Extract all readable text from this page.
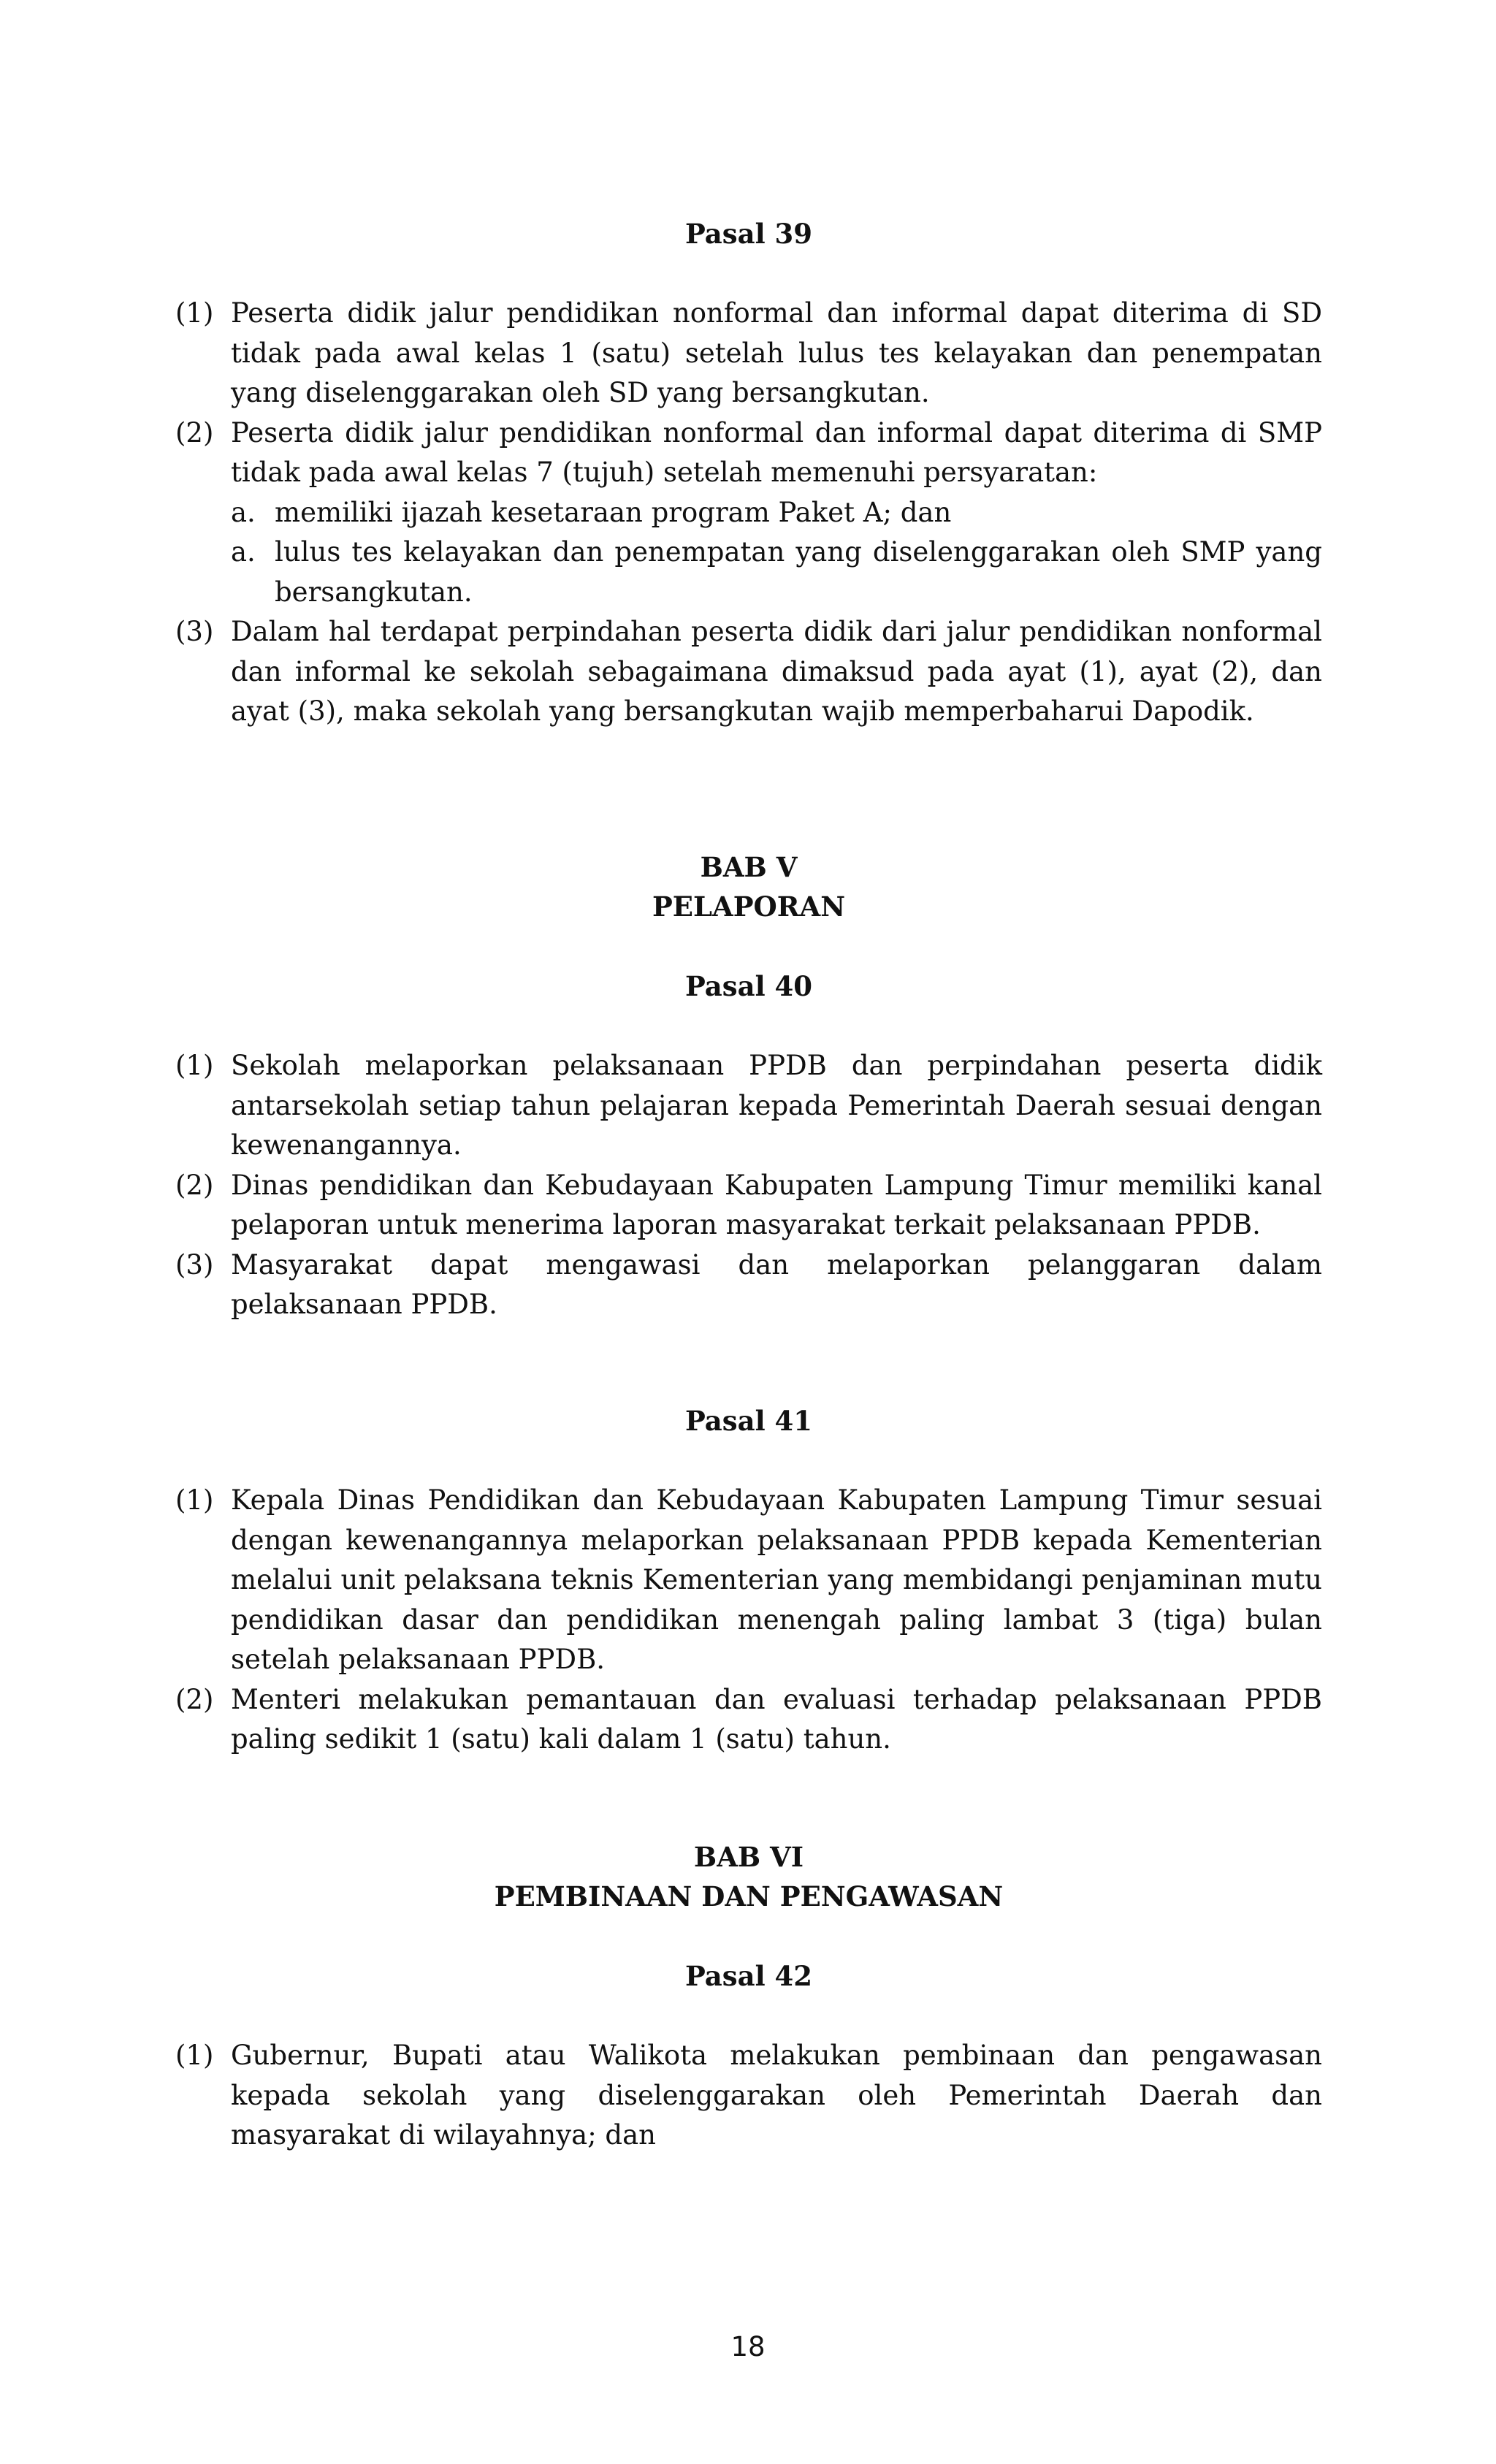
Pasal 39
(1) Peserta didik jalur pendidikan nonformal dan informal dapat diterima di SD tidak pada awal kelas 1 (satu) setelah lulus tes kelayakan dan penempatan yang diselenggarakan oleh SD yang bersangkutan.
(2) Peserta didik jalur pendidikan nonformal dan informal dapat diterima di SMP tidak pada awal kelas 7 (tujuh) setelah memenuhi persyaratan:
a. memiliki ijazah kesetaraan program Paket A; dan
a. lulus tes kelayakan dan penempatan yang diselenggarakan oleh SMP yang bersangkutan.
(3) Dalam hal terdapat perpindahan peserta didik dari jalur pendidikan nonformal dan informal ke sekolah sebagaimana dimaksud pada ayat (1), ayat (2), dan ayat (3), maka sekolah yang bersangkutan wajib memperbaharui Dapodik.
BAB V
PELAPORAN
Pasal 40
(1) Sekolah melaporkan pelaksanaan PPDB dan perpindahan peserta didik antarsekolah setiap tahun pelajaran kepada Pemerintah Daerah sesuai dengan kewenangannya.
(2) Dinas pendidikan dan Kebudayaan Kabupaten Lampung Timur memiliki kanal pelaporan untuk menerima laporan masyarakat terkait pelaksanaan PPDB.
(3) Masyarakat dapat mengawasi dan melaporkan pelanggaran dalam pelaksanaan PPDB.
Pasal 41
(1) Kepala Dinas Pendidikan dan Kebudayaan Kabupaten Lampung Timur sesuai dengan kewenangannya melaporkan pelaksanaan PPDB kepada Kementerian melalui unit pelaksana teknis Kementerian yang membidangi penjaminan mutu pendidikan dasar dan pendidikan menengah paling lambat 3 (tiga) bulan setelah pelaksanaan PPDB.
(2) Menteri melakukan pemantauan dan evaluasi terhadap pelaksanaan PPDB paling sedikit 1 (satu) kali dalam 1 (satu) tahun.
BAB VI
PEMBINAAN DAN PENGAWASAN
Pasal 42
(1) Gubernur, Bupati atau Walikota melakukan pembinaan dan pengawasan kepada sekolah yang diselenggarakan oleh Pemerintah Daerah dan masyarakat di wilayahnya; dan

18
